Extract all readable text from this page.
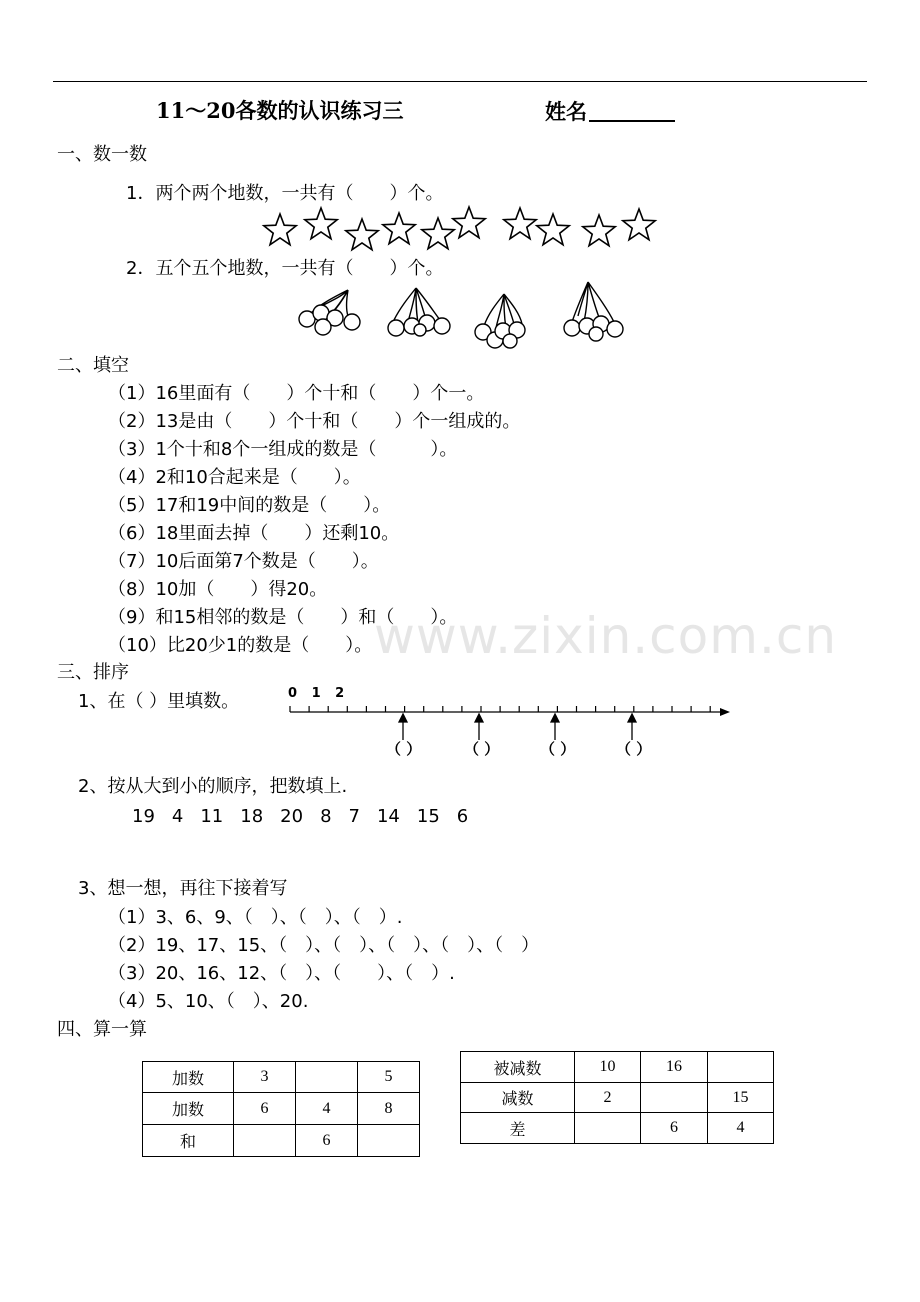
11～20各数的认识练习三	姓名
一、数一数
1．两个两个地数，一共有（　　）个。
2．五个五个地数，一共有（　　）个。
二、填空
（1）16里面有（　　）个十和（　　）个一。
（2）13是由（　　）个十和（　　）个一组成的。
（3）1个十和8个一组成的数是（　　　）。
（4）2和10合起来是（　　）。
（5）17和19中间的数是（　　）。
（6）18里面去掉（　　）还剩10。
（7）10后面第7个数是（　　）。
（8）10加（　　）得20。
（9）和15相邻的数是（　　）和（　　）。
（10）比20少1的数是（　　）。 www.zixin.com.cn
三、排序
1、在（ ）里填数。	0 1 2
（ ）	（ ）	（ ）	（ ）
2、按从大到小的顺序，把数填上.
19 4 11 18 20 8 7 14 15 6
3、想一想，再往下接着写
（1）3、6、9、（　）、（　）、（　）.
（2）19、17、15、（　）、（　）、（　）、（　）、（　）
（3）20、16、12、（　）、（　　）、（　）.
（4）5、10、（　）、20.
四、算一算
加数	3		5
加数	6	4	8
和		6	
被减数	10	16	
减数	2		15
差		6	4
